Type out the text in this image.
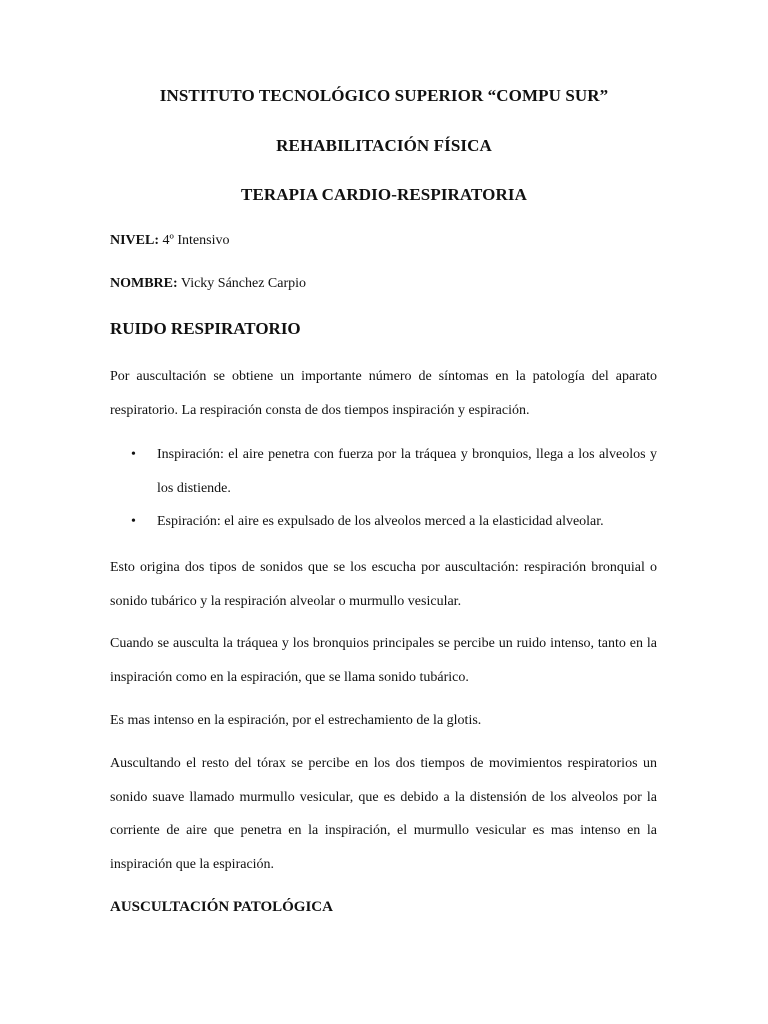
INSTITUTO TECNOLÓGICO SUPERIOR “COMPU SUR”
REHABILITACIÓN FÍSICA
TERAPIA CARDIO-RESPIRATORIA
NIVEL: 4º Intensivo
NOMBRE: Vicky Sánchez Carpio
RUIDO RESPIRATORIO

Por auscultación se obtiene un importante número de síntomas en la patología del aparato respiratorio. La respiración consta de dos tiempos inspiración y espiración.

• Inspiración: el aire penetra con fuerza por la tráquea y bronquios, llega a los alveolos y los distiende.
• Espiración: el aire es expulsado de los alveolos merced a la elasticidad alveolar.

Esto origina dos tipos de sonidos que se los escucha por auscultación: respiración bronquial o sonido tubárico y la respiración alveolar o murmullo vesicular.

Cuando se ausculta la tráquea y los bronquios principales se percibe un ruido intenso, tanto en la inspiración como en la espiración, que se llama sonido tubárico.

Es mas intenso en la espiración, por el estrechamiento de la glotis.

Auscultando el resto del tórax se percibe en los dos tiempos de movimientos respiratorios un sonido suave llamado murmullo vesicular, que es debido a la distensión de los alveolos por la corriente de aire que penetra en la inspiración, el murmullo vesicular es mas intenso en la inspiración que la espiración.

AUSCULTACIÓN PATOLÓGICA
